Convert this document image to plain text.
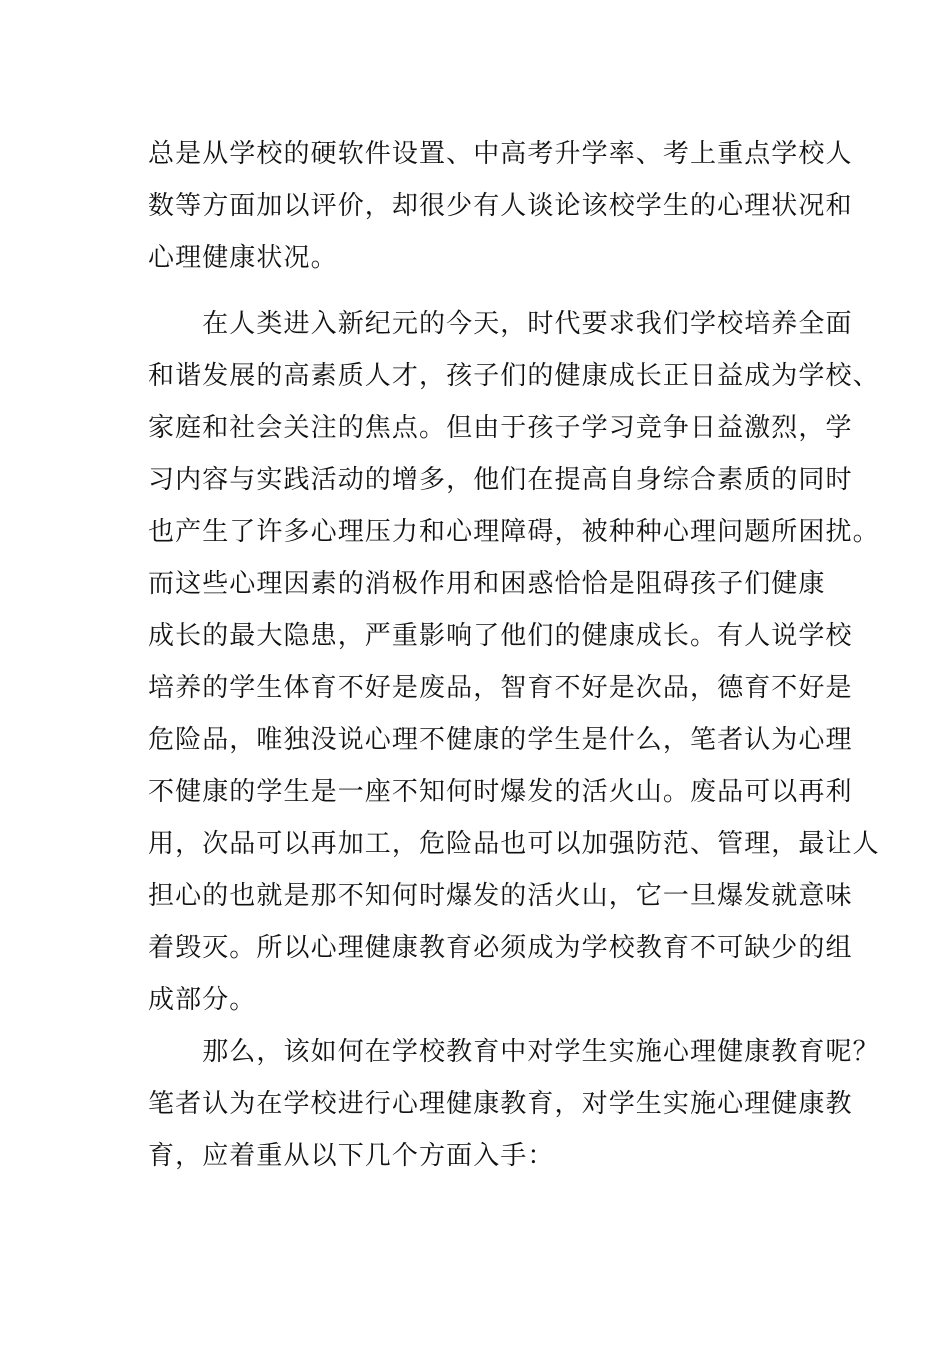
总是从学校的硬软件设置、中高考升学率、考上重点学校人
数等方面加以评价，却很少有人谈论该校学生的心理状况和
心理健康状况。
　　在人类进入新纪元的今天，时代要求我们学校培养全面
和谐发展的高素质人才，孩子们的健康成长正日益成为学校、
家庭和社会关注的焦点。但由于孩子学习竞争日益激烈，学
习内容与实践活动的增多，他们在提高自身综合素质的同时
也产生了许多心理压力和心理障碍，被种种心理问题所困扰。
而这些心理因素的消极作用和困惑恰恰是阻碍孩子们健康
成长的最大隐患，严重影响了他们的健康成长。有人说学校
培养的学生体育不好是废品，智育不好是次品，德育不好是
危险品，唯独没说心理不健康的学生是什么，笔者认为心理
不健康的学生是一座不知何时爆发的活火山。废品可以再利
用，次品可以再加工，危险品也可以加强防范、管理，最让人
担心的也就是那不知何时爆发的活火山，它一旦爆发就意味
着毁灭。所以心理健康教育必须成为学校教育不可缺少的组
成部分。
　　那么，该如何在学校教育中对学生实施心理健康教育呢？
笔者认为在学校进行心理健康教育，对学生实施心理健康教
育，应着重从以下几个方面入手：
